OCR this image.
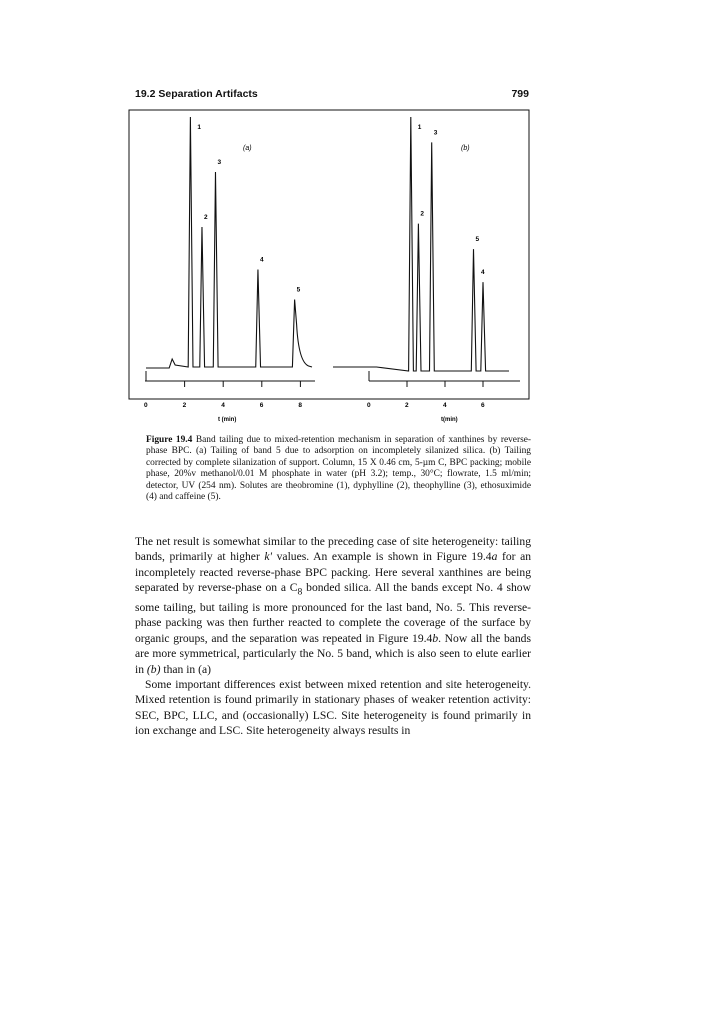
19.2 Separation Artifacts	799
0	2	4	6	8
1
2
3
4
5
(a)
t (min)
0	2	4	6
1
2
3
5
4
(b)
t(min)
Figure 19.4 Band tailing due to mixed-retention mechanism in separation of xanthines by reverse-phase BPC. (a) Tailing of band 5 due to adsorption on incompletely silanized silica. (b) Tailing corrected by complete silanization of support. Column, 15 X 0.46 cm, 5-µm C, BPC packing; mobile phase, 20%v methanol/0.01 M phosphate in water (pH 3.2); temp., 30°C; flowrate, 1.5 ml/min; detector, UV (254 nm). Solutes are theobromine (1), dyphylline (2), theophylline (3), ethosuximide (4) and caffeine (5).

The net result is somewhat similar to the preceding case of site heterogeneity: tailing bands, primarily at higher k' values. An example is shown in Figure 19.4a for an incompletely reacted reverse-phase BPC packing. Here several xanthines are being separated by reverse-phase on a $C_8$ bonded silica. All the bands except No. 4 show some tailing, but tailing is more pronounced for the last band, No. 5. This reverse-phase packing was then further reacted to complete the coverage of the surface by organic groups, and the separation was repeated in Figure 19.4b. Now all the bands are more symmetrical, particularly the No. 5 band, which is also seen to elute earlier in (b) than in (a)

Some important differences exist between mixed retention and site heterogeneity. Mixed retention is found primarily in stationary phases of weaker retention activity: SEC, BPC, LLC, and (occasionally) LSC. Site heterogeneity is found primarily in ion exchange and LSC. Site heterogeneity always results in
